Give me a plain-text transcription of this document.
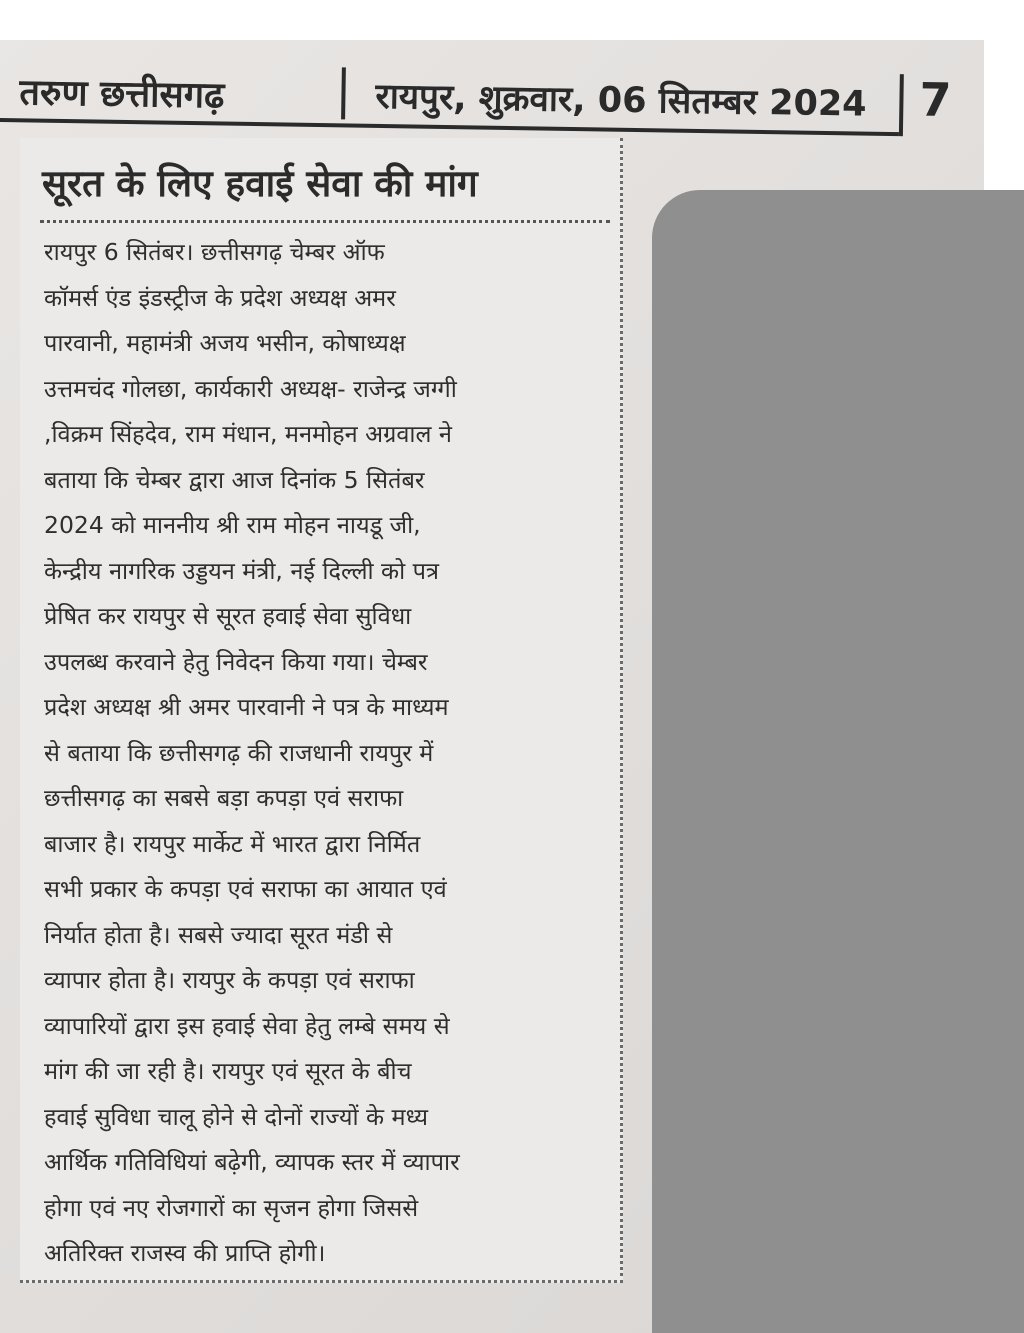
तरुण छत्तीसगढ़	रायपुर, शुक्रवार, 06 सितम्बर 2024 7
सूरत के लिए हवाई सेवा की मांग
रायपुर 6 सितंबर। छत्तीसगढ़ चेम्बर ऑफ
कॉमर्स एंड इंडस्ट्रीज के प्रदेश अध्यक्ष अमर
पारवानी, महामंत्री अजय भसीन, कोषाध्यक्ष
उत्तमचंद गोलछा, कार्यकारी अध्यक्ष- राजेन्द्र जग्गी
,विक्रम सिंहदेव, राम मंधान, मनमोहन अग्रवाल ने
बताया कि चेम्बर द्वारा आज दिनांक 5 सितंबर
2024 को माननीय श्री राम मोहन नायडू जी,
केन्द्रीय नागरिक उड्डयन मंत्री, नई दिल्ली को पत्र
प्रेषित कर रायपुर से सूरत हवाई सेवा सुविधा
उपलब्ध करवाने हेतु निवेदन किया गया। चेम्बर
प्रदेश अध्यक्ष श्री अमर पारवानी ने पत्र के माध्यम
से बताया कि छत्तीसगढ़ की राजधानी रायपुर में
छत्तीसगढ़ का सबसे बड़ा कपड़ा एवं सराफा
बाजार है। रायपुर मार्केट में भारत द्वारा निर्मित
सभी प्रकार के कपड़ा एवं सराफा का आयात एवं
निर्यात होता है। सबसे ज्यादा सूरत मंडी से
व्यापार होता है। रायपुर के कपड़ा एवं सराफा
व्यापारियों द्वारा इस हवाई सेवा हेतु लम्बे समय से
मांग की जा रही है। रायपुर एवं सूरत के बीच
हवाई सुविधा चालू होने से दोनों राज्यों के मध्य
आर्थिक गतिविधियां बढ़ेगी, व्यापक स्तर में व्यापार
होगा एवं नए रोजगारों का सृजन होगा जिससे
अतिरिक्त राजस्व की प्राप्ति होगी।
